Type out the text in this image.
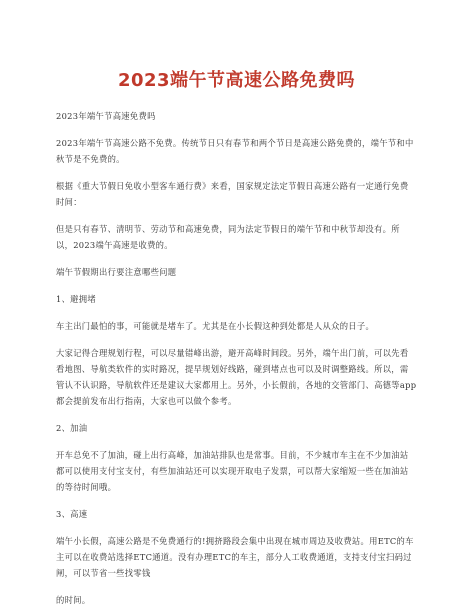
2023端午节高速公路免费吗

2023年端午节高速免费吗

2023年端午节高速公路不免费。传统节日只有春节和两个节日是高速公路免费的，端午节和中秋节是不免费的。

根据《重大节假日免收小型客车通行费》来看，国家规定法定节假日高速公路有一定通行免费时间：

但是只有春节、清明节、劳动节和高速免费，同为法定节假日的端午节和中秋节却没有。所以，2023端午高速是收费的。

端午节假期出行要注意哪些问题

1、避拥堵

车主出门最怕的事，可能就是堵车了。尤其是在小长假这种到处都是人从众的日子。

大家记得合理规划行程，可以尽量错峰出游，避开高峰时间段。另外，端午出门前，可以先看看地图、导航类软件的实时路况，提早规划好线路，碰到堵点也可以及时调整路线。所以，需管认不认识路，导航软件还是建议大家都用上。另外，小长假前，各地的交管部门、高德等app都会提前发布出行指南，大家也可以做个参考。

2、加油

开车总免不了加油，碰上出行高峰，加油站排队也是常事。目前，不少城市车主在不少加油站都可以使用支付宝支付，有些加油站还可以实现开取电子发票，可以帮大家缩短一些在加油站的等待时间哦。

3、高速

端午小长假，高速公路是不免费通行的!拥挤路段会集中出现在城市周边及收费站。用ETC的车主可以在收费站选择ETC通道。没有办理ETC的车主，部分人工收费通道，支持支付宝扫码过闸，可以节省一些找零钱

的时间。
